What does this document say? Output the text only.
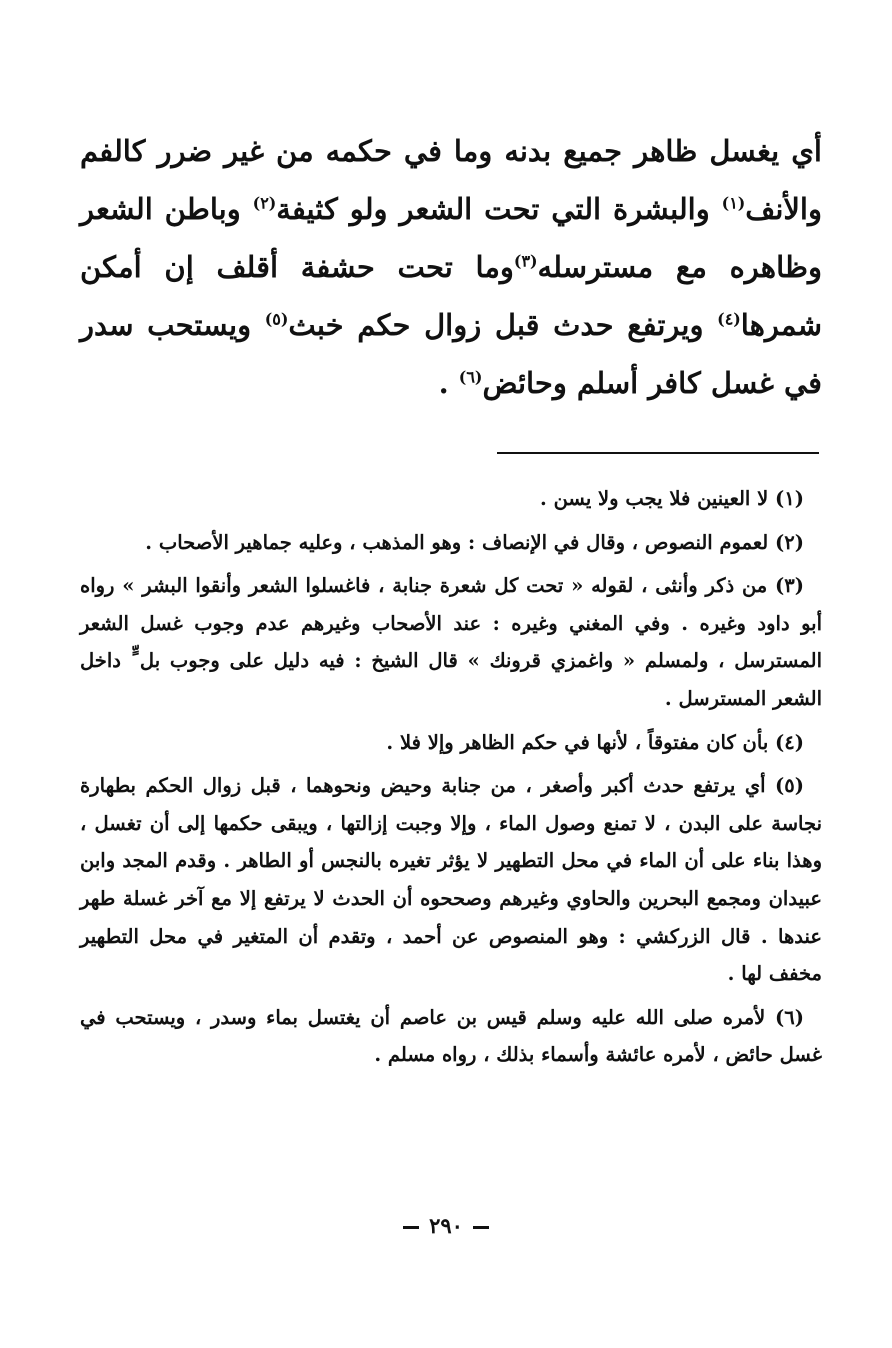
أي يغسل ظاهر جميع بدنه وما في حكمه من غير ضرر كالفم والأنف$^{(١)}$ والبشرة التي تحت الشعر ولو كثيفة$^{(٢)}$ وباطن الشعر وظاهره مع مسترسله$^{(٣)}$وما تحت حشفة أقلف إن أمكن شمرها$^{(٤)}$ ويرتفع حدث قبل زوال حكم خبث$^{(٥)}$ ويستحب سدر في غسل كافر أسلم وحائض$^{(٦)}$ .

(١) لا العينين فلا يجب ولا يسن .

(٢) لعموم النصوص ، وقال في الإنصاف : وهو المذهب ، وعليه جماهير الأصحاب .

(٣) من ذكر وأنثى ، لقوله « تحت كل شعرة جنابة ، فاغسلوا الشعر وأنقوا البشر » رواه أبو داود وغيره . وفي المغني وغيره : عند الأصحاب وغيرهم عدم وجوب غسل الشعر المسترسل ، ولمسلم « واغمزي قرونك » قال الشيخ : فيه دليل على وجوب بل ٍّ داخل الشعر المسترسل .

(٤) بأن كان مفتوقاً ، لأنها في حكم الظاهر وإلا فلا .

(٥) أي يرتفع حدث أكبر وأصغر ، من جنابة وحيض ونحوهما ، قبل زوال الحكم بطهارة نجاسة على البدن ، لا تمنع وصول الماء ، وإلا وجبت إزالتها ، ويبقى حكمها إلى أن تغسل ، وهذا بناء على أن الماء في محل التطهير لا يؤثر تغيره بالنجس أو الطاهر . وقدم المجد وابن عبيدان ومجمع البحرين والحاوي وغيرهم وصححوه أن الحدث لا يرتفع إلا مع آخر غسلة طهر عندها . قال الزركشي : وهو المنصوص عن أحمد ، وتقدم أن المتغير في محل التطهير مخفف لها .

(٦) لأمره صلى الله عليه وسلم قيس بن عاصم أن يغتسل بماء وسدر ، ويستحب في غسل حائض ، لأمره عائشة وأسماء بذلك ، رواه مسلم .

٢٩٠
